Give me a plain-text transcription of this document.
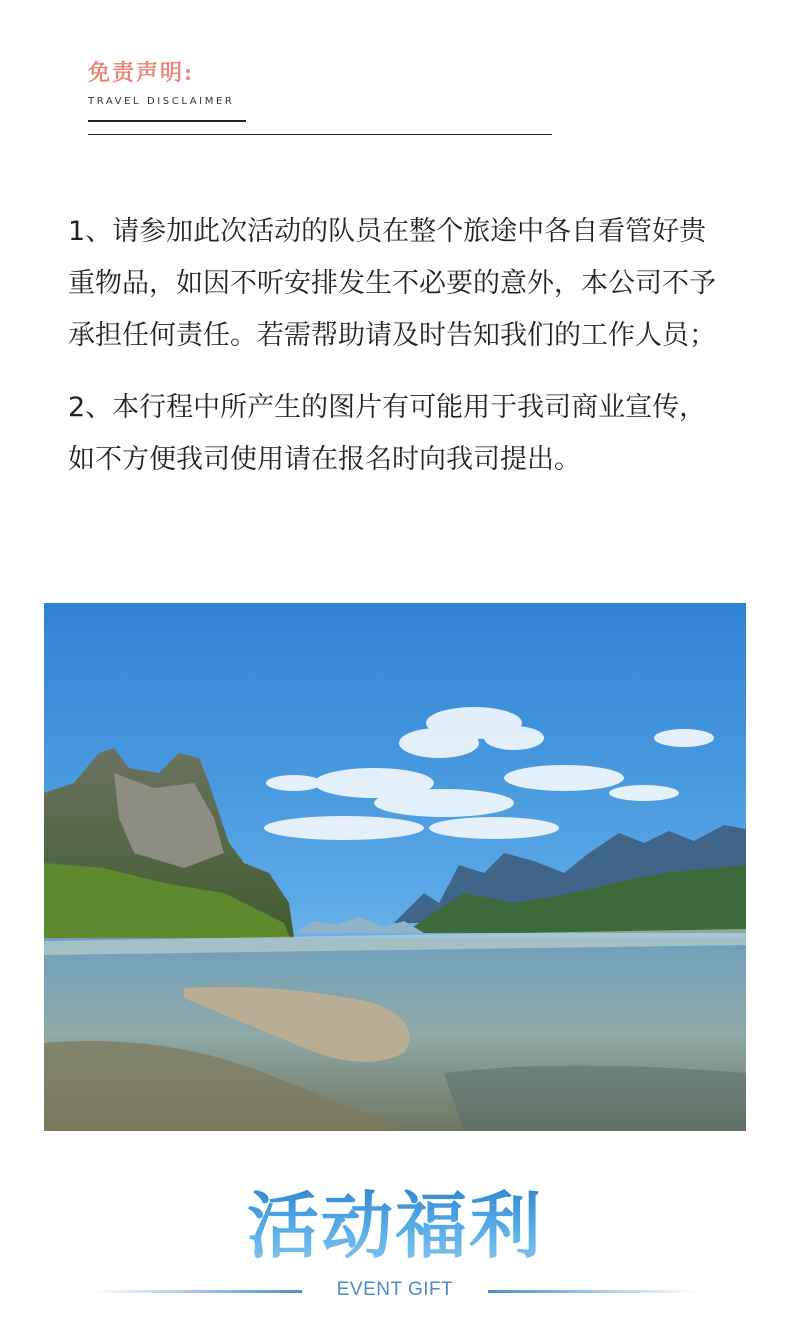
免责声明:
TRAVEL DISCLAIMER

1、请参加此次活动的队员在整个旅途中各自看管好贵重物品，如因不听安排发生不必要的意外，本公司不予承担任何责任。若需帮助请及时告知我们的工作人员；

2、本行程中所产生的图片有可能用于我司商业宣传，如不方便我司使用请在报名时向我司提出。

活动福利
EVENT GIFT
